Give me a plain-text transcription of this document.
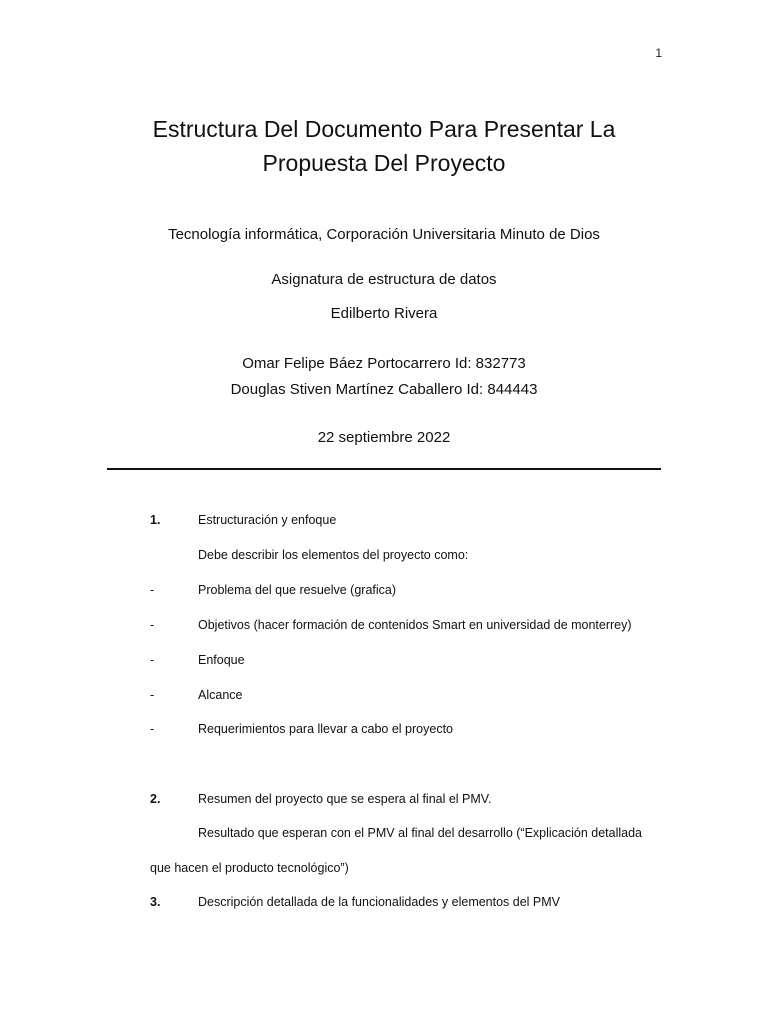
1
Estructura Del Documento Para Presentar La
Propuesta Del Proyecto
Tecnología informática, Corporación Universitaria Minuto de Dios
Asignatura de estructura de datos
Edilberto Rivera
Omar Felipe Báez Portocarrero Id: 832773
Douglas Stiven Martínez Caballero Id: 844443
22 septiembre 2022
1.	Estructuración y enfoque
Debe describir los elementos del proyecto como:
-	Problema del que resuelve (grafica)
-	Objetivos (hacer formación de contenidos Smart en universidad de monterrey)
-	Enfoque
-	Alcance
-	Requerimientos para llevar a cabo el proyecto
2.	Resumen del proyecto que se espera al final el PMV.
Resultado que esperan con el PMV al final del desarrollo (“Explicación detallada
que hacen el producto tecnológico”)
3.	Descripción detallada de la funcionalidades y elementos del PMV
